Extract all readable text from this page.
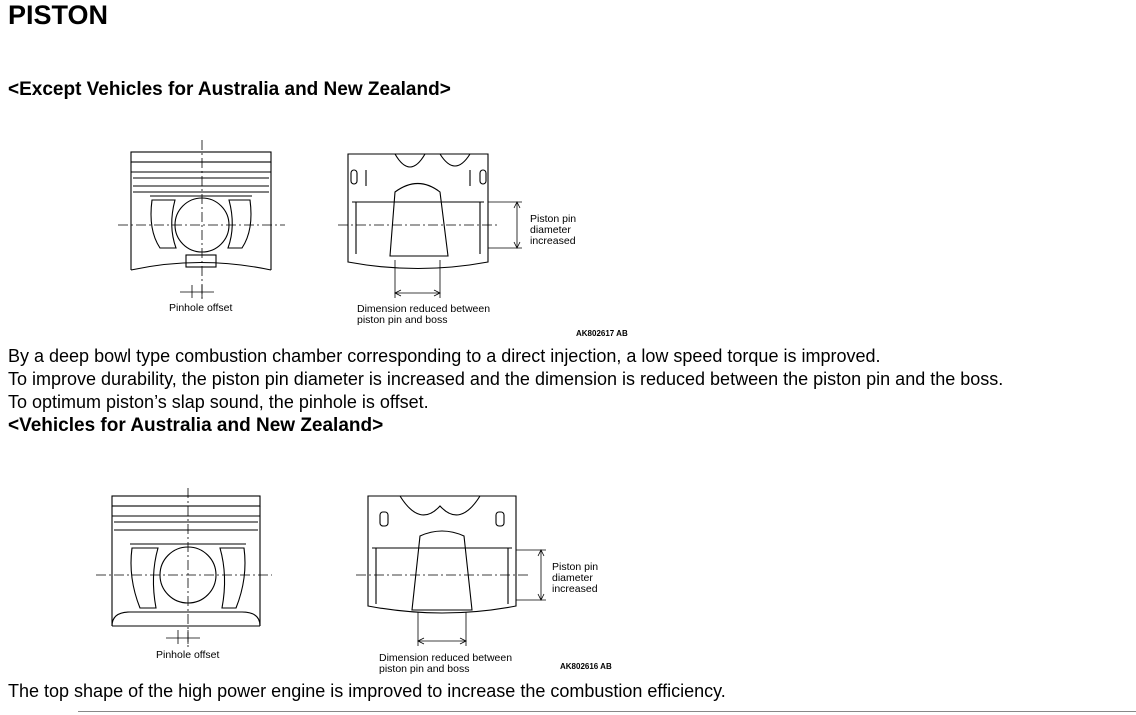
PISTON
<Except Vehicles for Australia and New Zealand>
Piston pin
diameter
increased
Pinhole offset	Dimension reduced between
piston pin and boss
AK802617 AB
By a deep bowl type combustion chamber corresponding to a direct injection, a low speed torque is improved.
To improve durability, the piston pin diameter is increased and the dimension is reduced between the piston pin and the boss.
To optimum piston’s slap sound, the pinhole is offset.
<Vehicles for Australia and New Zealand>
Piston pin
diameter
increased
Pinhole offset	Dimension reduced between
piston pin and boss	AK802616 AB
The top shape of the high power engine is improved to increase the combustion efficiency.
